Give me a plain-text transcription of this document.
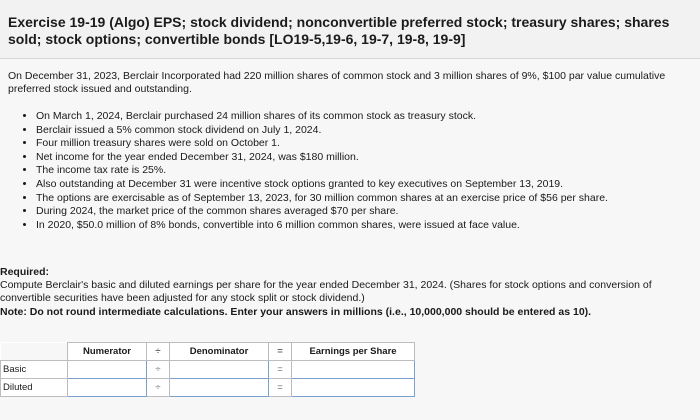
Exercise 19-19 (Algo) EPS; stock dividend; nonconvertible preferred stock; treasury shares; shares sold; stock options; convertible bonds [LO19-5,19-6, 19-7, 19-8, 19-9]
On December 31, 2023, Berclair Incorporated had 220 million shares of common stock and 3 million shares of 9%, $100 par value cumulative preferred stock issued and outstanding.
• On March 1, 2024, Berclair purchased 24 million shares of its common stock as treasury stock.
• Berclair issued a 5% common stock dividend on July 1, 2024.
• Four million treasury shares were sold on October 1.
• Net income for the year ended December 31, 2024, was $180 million.
• The income tax rate is 25%.
• Also outstanding at December 31 were incentive stock options granted to key executives on September 13, 2019.
• The options are exercisable as of September 13, 2023, for 30 million common shares at an exercise price of $56 per share.
• During 2024, the market price of the common shares averaged $70 per share.
• In 2020, $50.0 million of 8% bonds, convertible into 6 million common shares, were issued at face value.
Required:
Compute Berclair's basic and diluted earnings per share for the year ended December 31, 2024. (Shares for stock options and conversion of convertible securities have been adjusted for any stock split or stock dividend.)
Note: Do not round intermediate calculations. Enter your answers in millions (i.e., 10,000,000 should be entered as 10).
	Numerator	÷	Denominator	=	Earnings per Share
Basic		÷		=	
Diluted		÷		=	
